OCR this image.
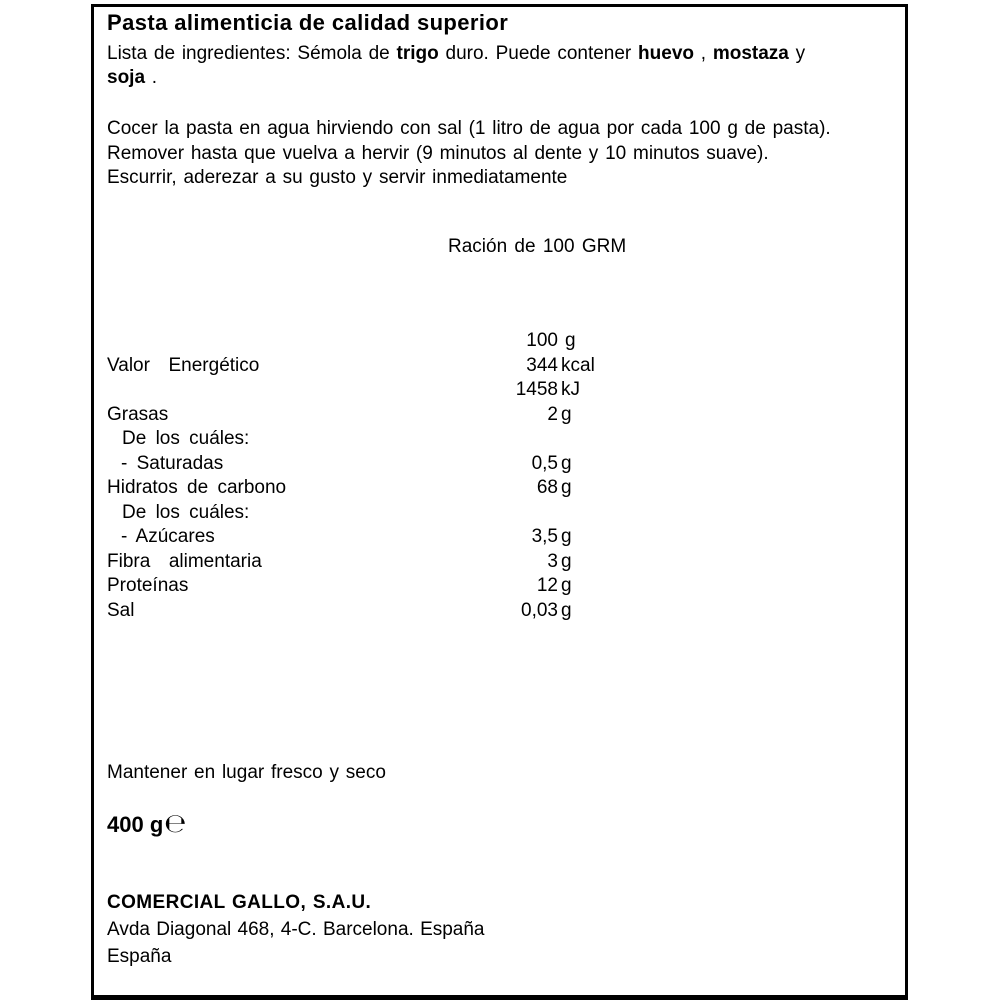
Pasta alimenticia de calidad superior
Lista de ingredientes: Sémola de trigo duro. Puede contener huevo , mostaza y
soja .
Cocer la pasta en agua hirviendo con sal (1 litro de agua por cada 100 g de pasta).
Remover hasta que vuelva a hervir (9 minutos al dente y 10 minutos suave).
Escurrir, aderezar a su gusto y servir inmediatamente
Ración de 100 GRM
100 g
Valor  Energético	344 kcal
1458 kJ
Grasas	2 g
De los cuáles:
- Saturadas	0,5 g
Hidratos de carbono	68 g
De los cuáles:
- Azúcares	3,5 g
Fibra  alimentaria	3 g
Proteínas	12 g
Sal	0,03 g
Mantener en lugar fresco y seco
400 g℮
COMERCIAL GALLO, S.A.U.
Avda Diagonal 468, 4-C. Barcelona. España
España
